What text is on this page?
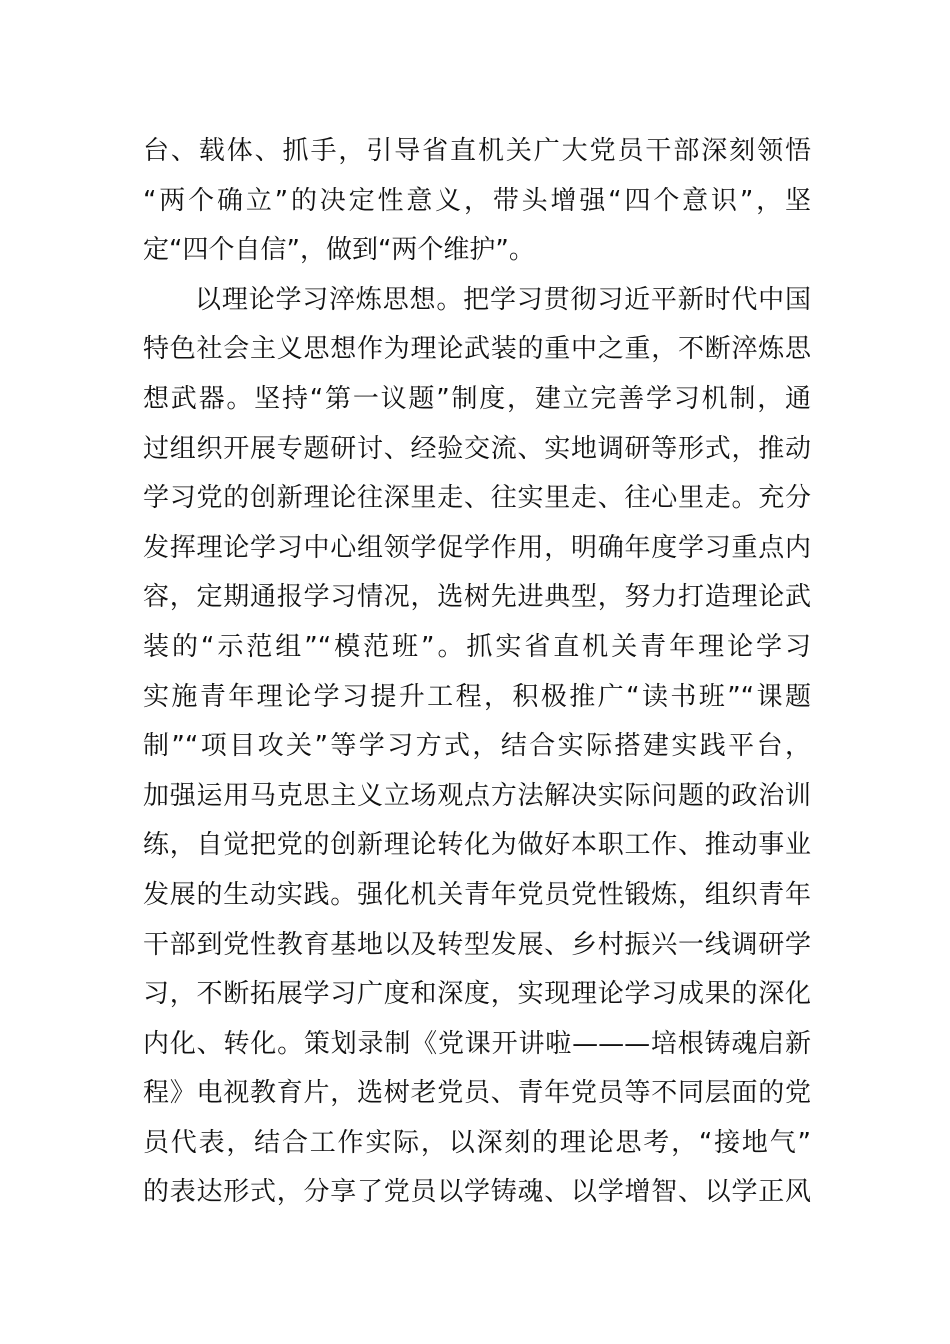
台、载体、抓手，引导省直机关广大党员干部深刻领悟
“两个确立”的决定性意义，带头增强“四个意识”，坚
定“四个自信”，做到“两个维护”。
以理论学习淬炼思想。把学习贯彻习近平新时代中国
特色社会主义思想作为理论武装的重中之重，不断淬炼思
想武器。坚持“第一议题”制度，建立完善学习机制，通
过组织开展专题研讨、经验交流、实地调研等形式，推动
学习党的创新理论往深里走、往实里走、往心里走。充分
发挥理论学习中心组领学促学作用，明确年度学习重点内
容，定期通报学习情况，选树先进典型，努力打造理论武
装的“示范组”“模范班”。抓实省直机关青年理论学习
实施青年理论学习提升工程，积极推广“读书班”“课题
制”“项目攻关”等学习方式，结合实际搭建实践平台，
加强运用马克思主义立场观点方法解决实际问题的政治训
练，自觉把党的创新理论转化为做好本职工作、推动事业
发展的生动实践。强化机关青年党员党性锻炼，组织青年
干部到党性教育基地以及转型发展、乡村振兴一线调研学
习，不断拓展学习广度和深度，实现理论学习成果的深化
内化、转化。策划录制《党课开讲啦———培根铸魂启新
程》电视教育片，选树老党员、青年党员等不同层面的党
员代表，结合工作实际，以深刻的理论思考，“接地气”
的表达形式，分享了党员以学铸魂、以学增智、以学正风
